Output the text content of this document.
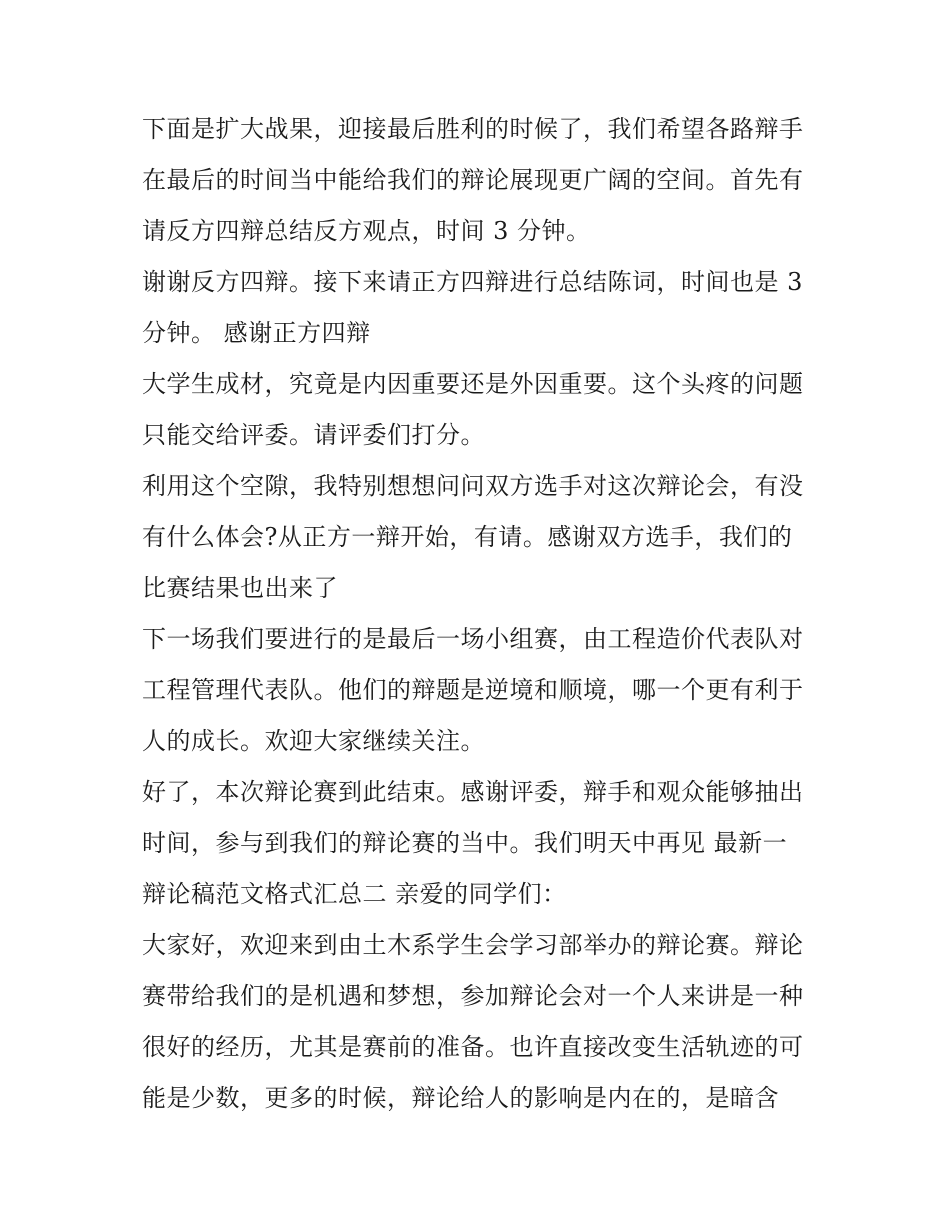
下面是扩大战果，迎接最后胜利的时候了，我们希望各路辩手
在最后的时间当中能给我们的辩论展现更广阔的空间。首先有
请反方四辩总结反方观点，时间 3 分钟。

谢谢反方四辩。接下来请正方四辩进行总结陈词，时间也是 3
分钟。 感谢正方四辩

大学生成材，究竟是内因重要还是外因重要。这个头疼的问题
只能交给评委。请评委们打分。

利用这个空隙，我特别想想问问双方选手对这次辩论会，有没
有什么体会?从正方一辩开始，有请。感谢双方选手，我们的
比赛结果也出来了

下一场我们要进行的是最后一场小组赛，由工程造价代表队对
工程管理代表队。他们的辩题是逆境和顺境，哪一个更有利于
人的成长。欢迎大家继续关注。

好了，本次辩论赛到此结束。感谢评委，辩手和观众能够抽出
时间，参与到我们的辩论赛的当中。我们明天中再见 最新一
辩论稿范文格式汇总二 亲爱的同学们：

大家好，欢迎来到由土木系学生会学习部举办的辩论赛。辩论
赛带给我们的是机遇和梦想，参加辩论会对一个人来讲是一种
很好的经历，尤其是赛前的准备。也许直接改变生活轨迹的可
能是少数，更多的时候，辩论给人的影响是内在的，是暗含
